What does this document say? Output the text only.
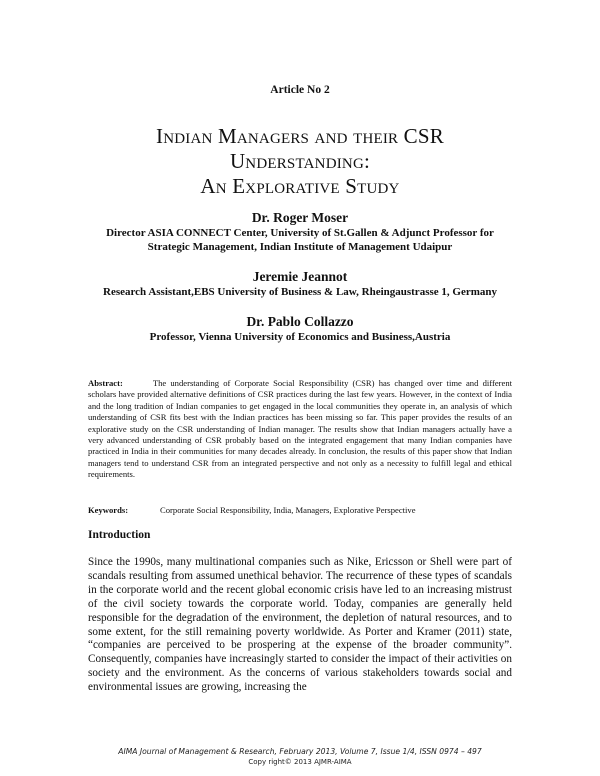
Article No 2
Indian Managers and their CSR
Understanding:
An Explorative Study
Dr. Roger Moser
Director ASIA CONNECT Center, University of St.Gallen & Adjunct Professor for
Strategic Management, Indian Institute of Management Udaipur
Jeremie Jeannot
Research Assistant,EBS University of Business & Law, Rheingaustrasse 1, Germany
Dr. Pablo Collazzo
Professor, Vienna University of Economics and Business,Austria
Abstract:	The understanding of Corporate Social Responsibility (CSR) has changed over time and different scholars have provided alternative definitions of CSR practices during the last few years. However, in the context of India and the long tradition of Indian companies to get engaged in the local communities they operate in, an analysis of which understanding of CSR fits best with the Indian practices has been missing so far. This paper provides the results of an explorative study on the CSR understanding of Indian manager. The results show that Indian managers actually have a very advanced understanding of CSR probably based on the integrated engagement that many Indian companies have practiced in India in their communities for many decades already. In conclusion, the results of this paper show that Indian managers tend to understand CSR from an integrated perspective and not only as a necessity to fulfill legal and ethical requirements.
Keywords:	Corporate Social Responsibility, India, Managers, Explorative Perspective
Introduction
Since the 1990s, many multinational companies such as Nike, Ericsson or Shell were part of scandals resulting from assumed unethical behavior. The recurrence of these types of scandals in the corporate world and the recent global economic crisis have led to an increasing mistrust of the civil society towards the corporate world. Today, companies are generally held responsible for the degradation of the environment, the depletion of natural resources, and to some extent, for the still remaining poverty worldwide. As Porter and Kramer (2011) state, “companies are perceived to be prospering at the expense of the broader community”. Consequently, companies have increasingly started to consider the impact of their activities on society and the environment. As the concerns of various stakeholders towards social and environmental issues are growing, increasing the
AIMA Journal of Management & Research, February 2013, Volume 7, Issue 1/4, ISSN 0974 – 497
Copy right© 2013 AJMR-AIMA
